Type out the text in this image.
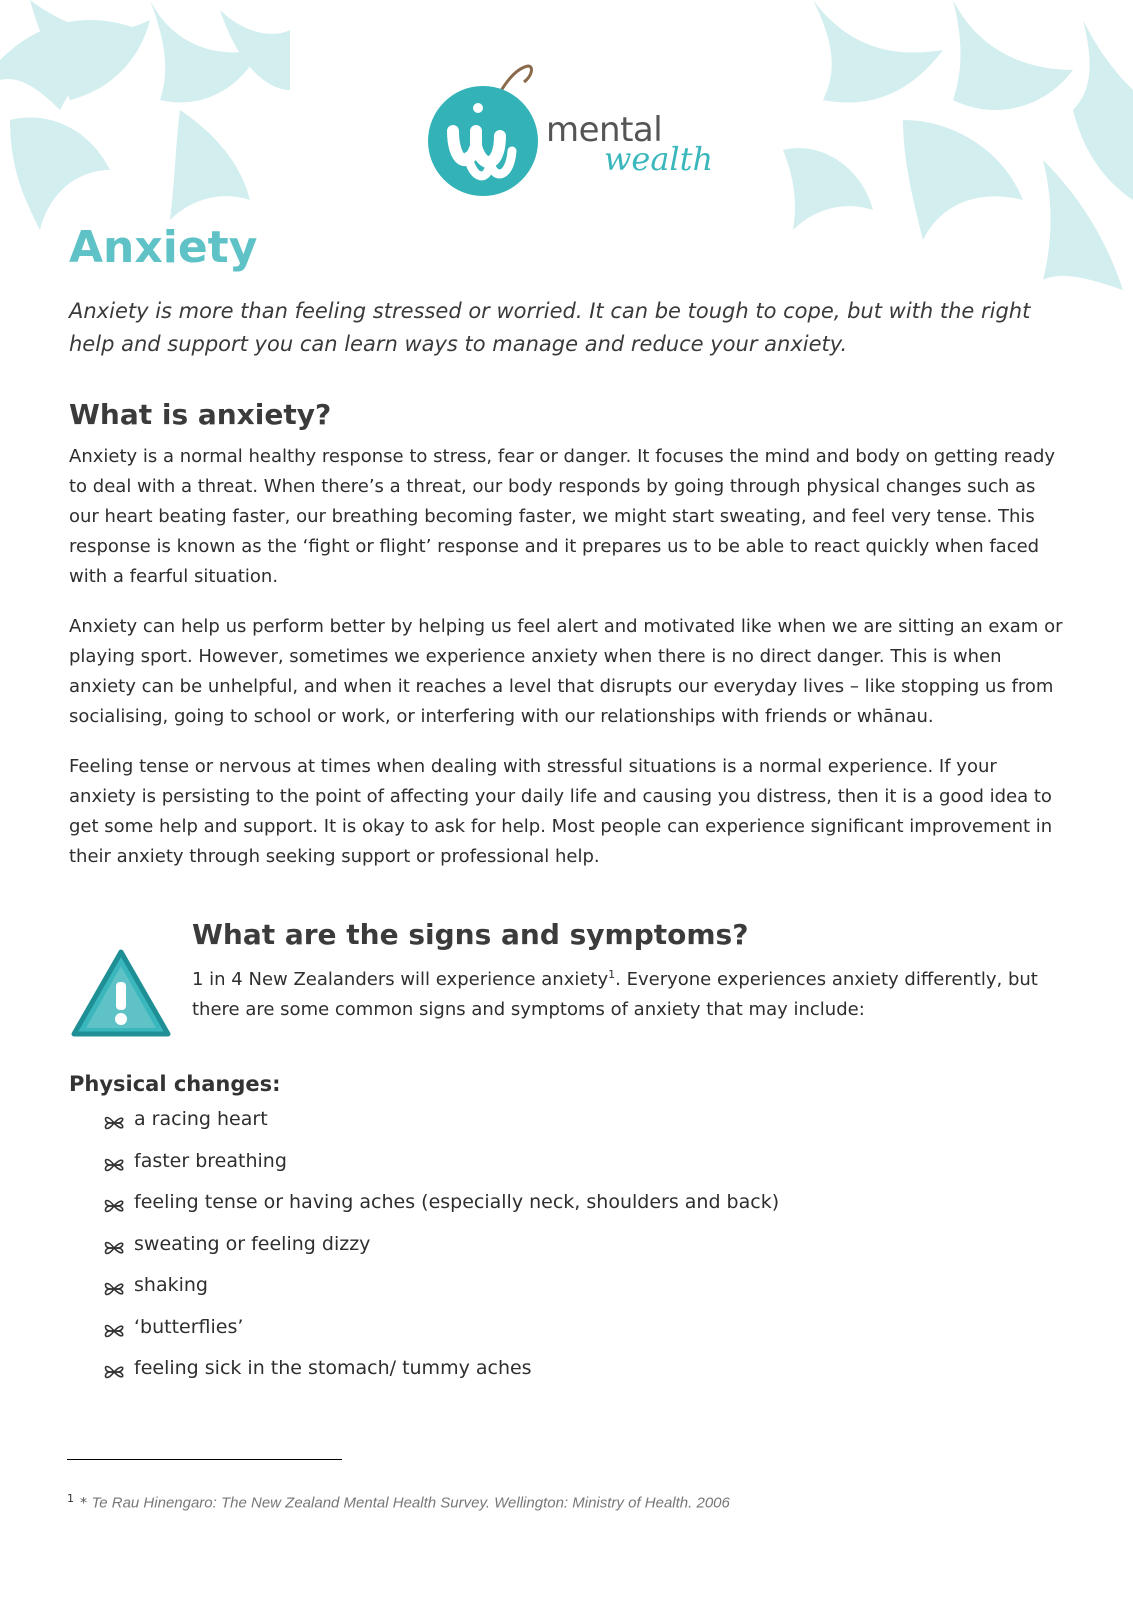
mental
wealth
Anxiety

Anxiety is more than feeling stressed or worried. It can be tough to cope, but with the right help and support you can learn ways to manage and reduce your anxiety.

What is anxiety?

Anxiety is a normal healthy response to stress, fear or danger. It focuses the mind and body on getting ready to deal with a threat. When there’s a threat, our body responds by going through physical changes such as our heart beating faster, our breathing becoming faster, we might start sweating, and feel very tense. This response is known as the ‘fight or flight’ response and it prepares us to be able to react quickly when faced with a fearful situation.

Anxiety can help us perform better by helping us feel alert and motivated like when we are sitting an exam or playing sport. However, sometimes we experience anxiety when there is no direct danger. This is when anxiety can be unhelpful, and when it reaches a level that disrupts our everyday lives – like stopping us from socialising, going to school or work, or interfering with our relationships with friends or whānau.

Feeling tense or nervous at times when dealing with stressful situations is a normal experience. If your anxiety is persisting to the point of affecting your daily life and causing you distress, then it is a good idea to get some help and support. It is okay to ask for help. Most people can experience significant improvement in their anxiety through seeking support or professional help.

What are the signs and symptoms?

1 in 4 New Zealanders will experience anxiety$^1$. Everyone experiences anxiety differently, but there are some common signs and symptoms of anxiety that may include:

Physical changes:
a racing heart
faster breathing
feeling tense or having aches (especially neck, shoulders and back)
sweating or feeling dizzy
shaking
‘butterflies’
feeling sick in the stomach/ tummy aches
$^1$ * Te Rau Hinengaro: The New Zealand Mental Health Survey. Wellington: Ministry of Health. 2006
